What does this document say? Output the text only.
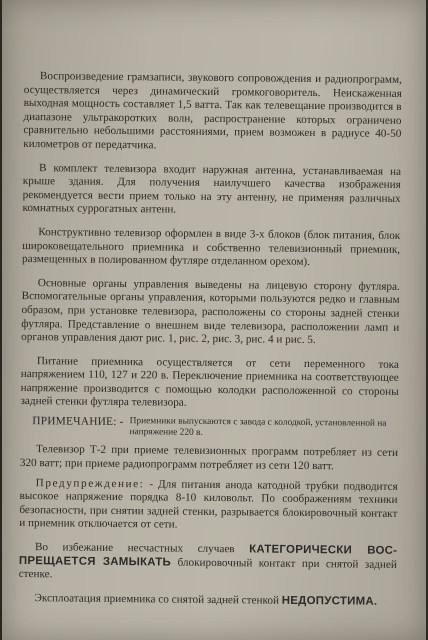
Воспроизведение грамзаписи, звукового сопровождения и радиопрограмм, осуществляется через динамический громкоговоритель. Неискаженная выходная мощность составляет 1,5 ватта. Так как телевещание производится в диапазоне ультракоротких волн, распространение которых ограничено сравнительно небольшими расстояниями, прием возможен в радиусе 40-50 километров от передатчика.

В комплект телевизора входит наружная антенна, устанавливаемая на крыше здания. Для получения наилучшего качества изображения рекомендуется вести прием только на эту антенну, не применяя различных комнатных суррогатных антенн.

Конструктивно телевизор оформлен в виде 3-х блоков (блок питания, блок широковещательного приемника и собственно телевизионный приемник, размещенных в полированном футляре отделанном орехом).

Основные органы управления выведены на лицевую сторону футляра. Вспомогательные органы управления, которыми пользуются редко и главным образом, при установке телевизора, расположены со стороны задней стенки футляра. Представление о внешнем виде телевизора, расположении ламп и органов управления дают рис. 1, рис. 2, рис. 3, рис. 4 и рис. 5.

Питание приемника осуществляется от сети переменного тока напряжением 110, 127 и 220 в. Переключение приемника на соответствующее напряжение производится с помощью колодки расположенной со стороны задней стенки футляра телевизора.

ПРИМЕЧАНИЕ: - Приемники выпускаются с завода с колодкой, установленной на напряжение 220 в.

Телевизор Т-2 при приеме телевизионных программ потребляет из сети 320 ватт; при приеме радиопрограмм потребляет из сети 120 ватт.

Предупреждение: - Для питания анода катодной трубки подводится высокое напряжение порядка 8-10 киловольт. По соображениям техники безопасности, при снятии задней стенки, разрывается блокировочный контакт и приемник отключается от сети.

Во избежание несчастных случаев КАТЕГОРИЧЕСКИ ВОСПРЕЩАЕТСЯ ЗАМЫКАТЬ блокировочный контакт при снятой задней стенке.

Эксплоатация приемника со снятой задней стенкой НЕДОПУСТИМА.
